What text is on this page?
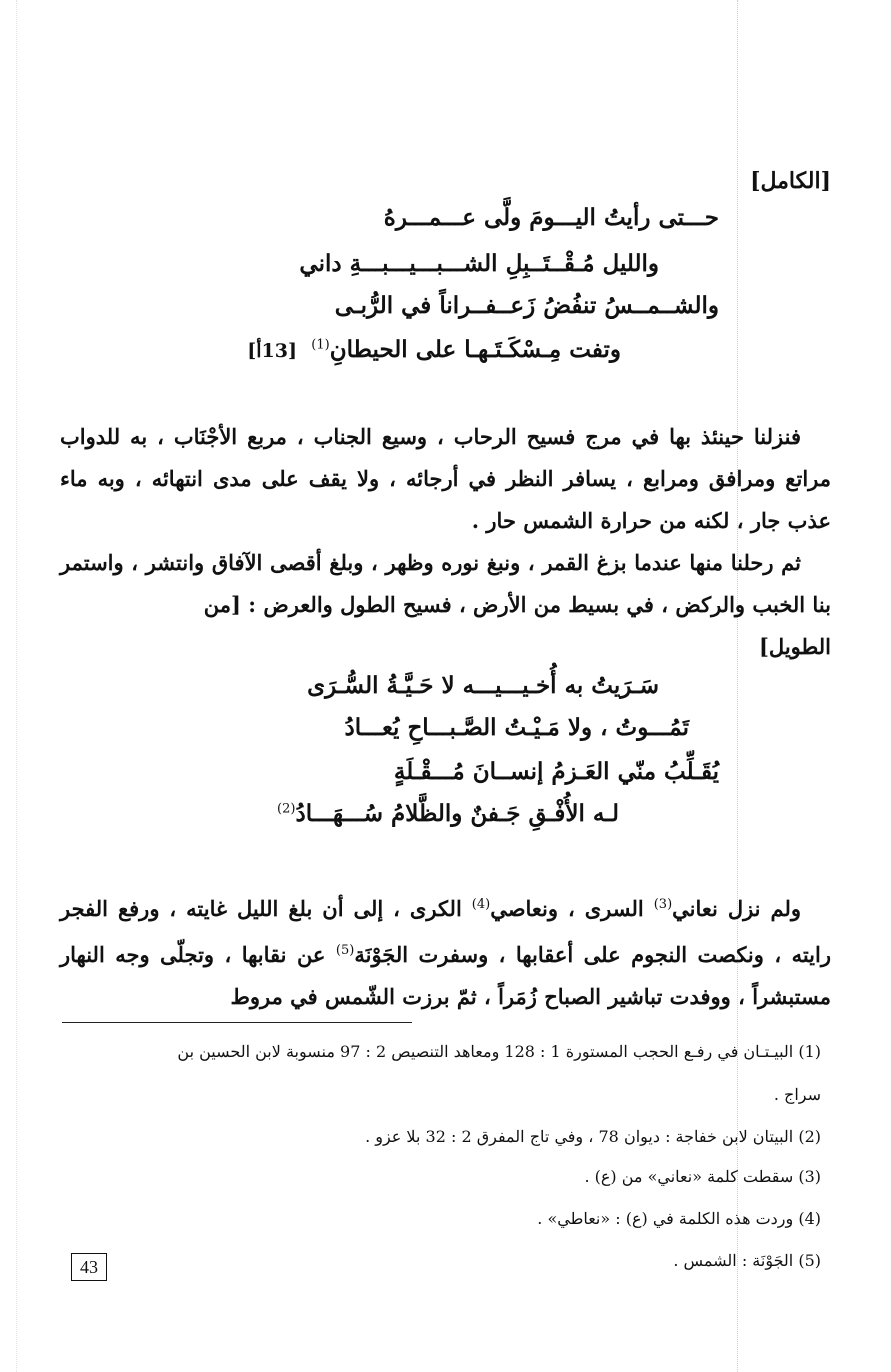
[الكامل]
حـــتى رأيتُ اليـــومَ ولَّى عـــمـــرهُ
والليل مُـقْــتَــبِلِ الشـــبـــيـــبـــةِ داني
والشــمــسُ تنفُضُ زَعــفــراناً في الرُّبـى
وتفت مِـسْكَـتَـهـا على الحيطانِ$^{(1)}$
[13أ]

فنزلنا حينئذ بها في مرج فسيح الرحاب ، وسيع الجناب ، مربع الأجْنَاب ، به للدواب مراتع ومرافق ومرابع ، يسافر النظر في أرجائه ، ولا يقف على مدى انتهائه ، وبه ماء عذب جار ، لكنه من حرارة الشمس حار .

ثم رحلنا منها عندما بزغ القمر ، ونبغ نوره وظهر ، وبلغ أقصى الآفاق وانتشر ، واستمر بنا الخبب والركض ، في بسيط من الأرض ، فسيح الطول والعرض : [من
الطويل]

سَـرَيتُ به أُخـيـــيـــه لا حَـيَّـةُ السُّـرَى
تَمُـــوتُ ، ولا مَـيْـتُ الصَّـبـــاحِ يُعـــادُ
يُقَـلِّبُ منّي العَـزمُ إنســانَ مُـــقْـلَةٍ
لـه الأُفْـقِ جَـفنٌ والظَّلامُ سُـــهَـــادُ$^{(2)}$

ولم نزل نعاني$^{(3)}$ السرى ، ونعاصي$^{(4)}$ الكرى ، إلى أن بلغ الليل غايته ، ورفع الفجر رايته ، ونكصت النجوم على أعقابها ، وسفرت الجَوْنَة$^{(5)}$ عن نقابها ، وتجلّى وجه النهار مستبشراً ، ووفدت تباشير الصباح زُمَراً ، ثمّ برزت الشّمس في مروط

(1) البيـتـان في رفـع الحجب المستورة 1 : 128 ومعاهد التنصيص 2 : 97 منسوبة لابن الحسين بن
سراج .
(2) البيتان لابن خفاجة : ديوان 78 ، وفي تاج المفرق 2 : 32 بلا عزو .
(3) سقطت كلمة «نعاني» من (ع) .
(4) وردت هذه الكلمة في (ع) : «نعاطي» .
(5) الجَوْنَة : الشمس .
43
